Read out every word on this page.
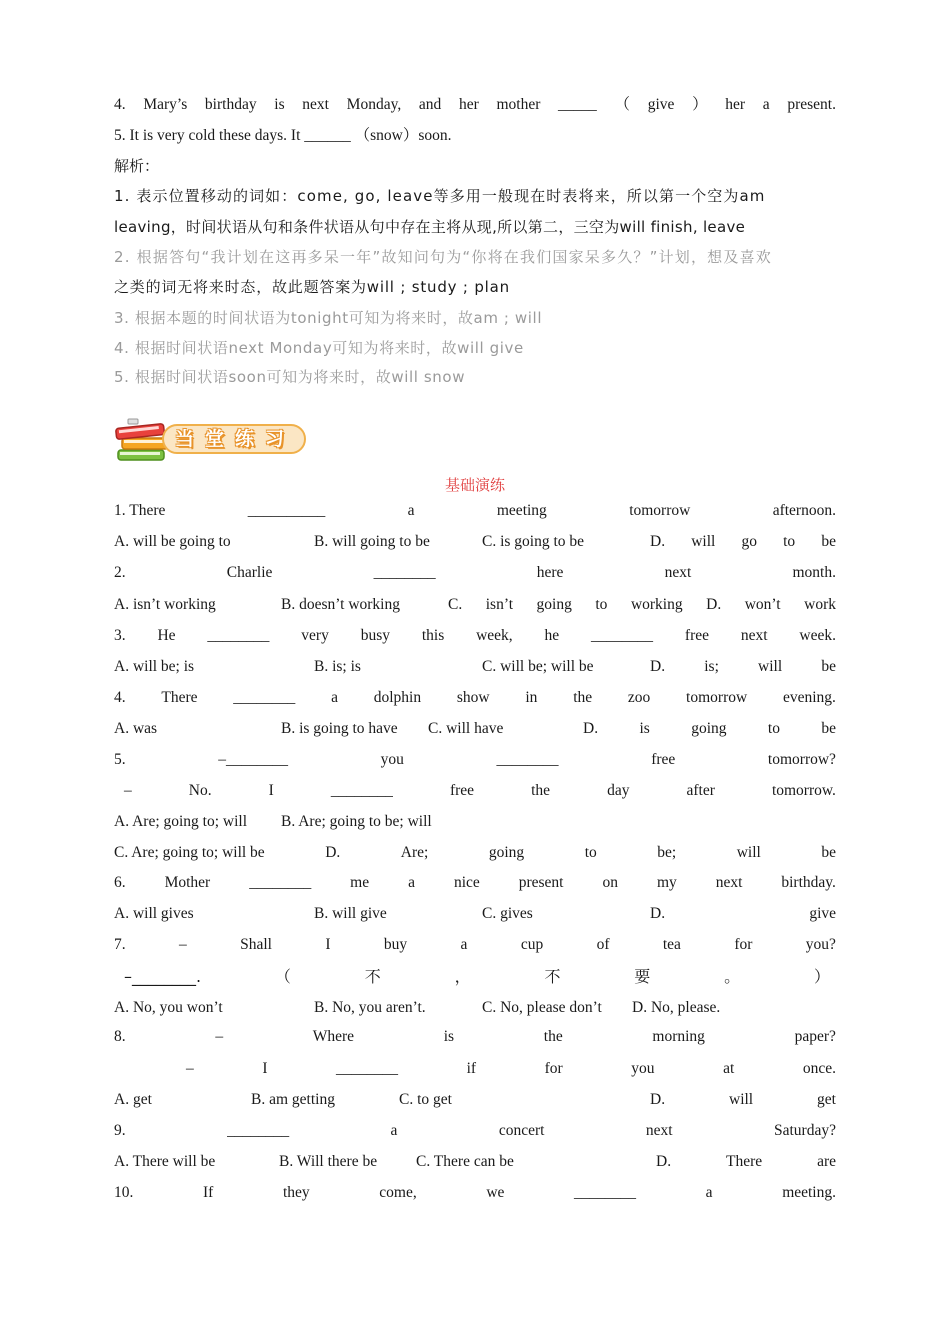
4. Mary’s birthday is next Monday, and her mother _____ （ give ） her a present.
5. It is very cold these days. It ______ （snow）soon.
解析：
1. 表示位置移动的词如：come, go, leave等多用一般现在时表将来，所以第一个空为am
leaving，时间状语从句和条件状语从句中存在主将从现,所以第二，三空为will finish, leave
2. 根据答句“我计划在这再多呆一年”故知问句为“你将在我们国家呆多久？”计划，想及喜欢
之类的词无将来时态，故此题答案为will ; study ; plan
3. 根据本题的时间状语为tonight可知为将来时，故am ; will
4. 根据时间状语next Monday可知为将来时，故will give
5. 根据时间状语soon可知为将来时，故will snow
当堂练习
基础演练
1. There	__________	a	meeting	tomorrow	afternoon.
A. will be going to	B. will going to be	C. is going to be	D. will go to be
2.	Charlie	________	here	next	month.
A. isn’t working	B. doesn’t working	C. isn’t going to working D. won’t work
3. He ________ very busy this week, he ________ free next week.
A. will be; is	B. is; is	C. will be; will be	D.	is;	will	be
4. There ________ a dolphin show in the zoo tomorrow evening.
A. was	B. is going to have C. will have	D.	is	going	to	be
5.	–________	you	________	free	tomorrow?
–	No.	I	________	free	the	day	after	tomorrow.
A. Are; going to; will B. Are; going to be; will
C. Are; going to; will be	D.	Are;	going	to	be;	will	be
6.	Mother	________	me	a	nice	present	on	my	next	birthday.
A. will gives	B. will give	C. gives	D.	give
7.	–	Shall	I	buy	a	cup	of	tea	for	you?
–________.	（	不	，	不	要	。	）
A. No, you won’t	B. No, you aren’t.	C. No, please don’t D. No, please.
8.	–	Where	is	the	morning	paper?
–	I	________	if	for	you	at	once.
A. get	B. am getting	C. to get	D.	will	get
9.	________	a	concert	next	Saturday?
A. There will be	B. Will there be	C. There can be	D.	There	are
10.	If	they	come,	we	________	a	meeting.
